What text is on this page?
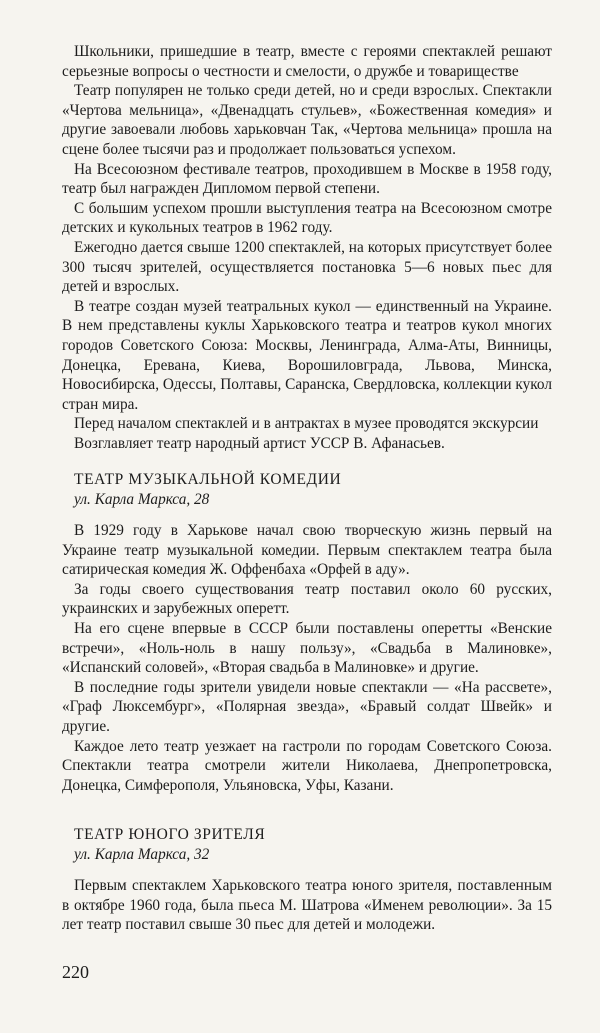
Школьники, пришедшие в театр, вместе с героями спектаклей решают серьезные вопросы о честности и смелости, о дружбе и товариществе

Театр популярен не только среди детей, но и среди взрослых. Спектакли «Чертова мельница», «Двенадцать стульев», «Божественная комедия» и другие завоевали любовь харьковчан Так, «Чертова мельница» прошла на сцене более тысячи раз и продолжает пользоваться успехом.

На Всесоюзном фестивале театров, проходившем в Москве в 1958 году, театр был награжден Дипломом первой степени.

С большим успехом прошли выступления театра на Всесоюзном смотре детских и кукольных театров в 1962 году.

Ежегодно дается свыше 1200 спектаклей, на которых присутствует более 300 тысяч зрителей, осуществляется постановка 5—6 новых пьес для детей и взрослых.

В театре создан музей театральных кукол — единственный на Украине. В нем представлены куклы Харьковского театра и театров кукол многих городов Советского Союза: Москвы, Ленинграда, Алма-Аты, Винницы, Донецка, Еревана, Киева, Ворошиловграда, Львова, Минска, Новосибирска, Одессы, Полтавы, Саранска, Свердловска, коллекции кукол стран мира.

Перед началом спектаклей и в антрактах в музее проводятся экскурсии

Возглавляет театр народный артист УССР В. Афанасьев.

ТЕАТР МУЗЫКАЛЬНОЙ КОМЕДИИ

ул. Карла Маркса, 28

В 1929 году в Харькове начал свою творческую жизнь первый на Украине театр музыкальной комедии. Первым спектаклем театра была сатирическая комедия Ж. Оффенбаха «Орфей в аду».

За годы своего существования театр поставил около 60 русских, украинских и зарубежных оперетт.

На его сцене впервые в СССР были поставлены оперетты «Венские встречи», «Ноль-ноль в нашу пользу», «Свадьба в Малиновке», «Испанский соловей», «Вторая свадьба в Малиновке» и другие.

В последние годы зрители увидели новые спектакли — «На рассвете», «Граф Люксембург», «Полярная звезда», «Бравый солдат Швейк» и другие.

Каждое лето театр уезжает на гастроли по городам Советского Союза. Спектакли театра смотрели жители Николаева, Днепропетровска, Донецка, Симферополя, Ульяновска, Уфы, Казани.

ТЕАТР ЮНОГО ЗРИТЕЛЯ

ул. Карла Маркса, 32

Первым спектаклем Харьковского театра юного зрителя, поставленным в октябре 1960 года, была пьеса М. Шатрова «Именем революции». За 15 лет театр поставил свыше 30 пьес для детей и молодежи.

220
